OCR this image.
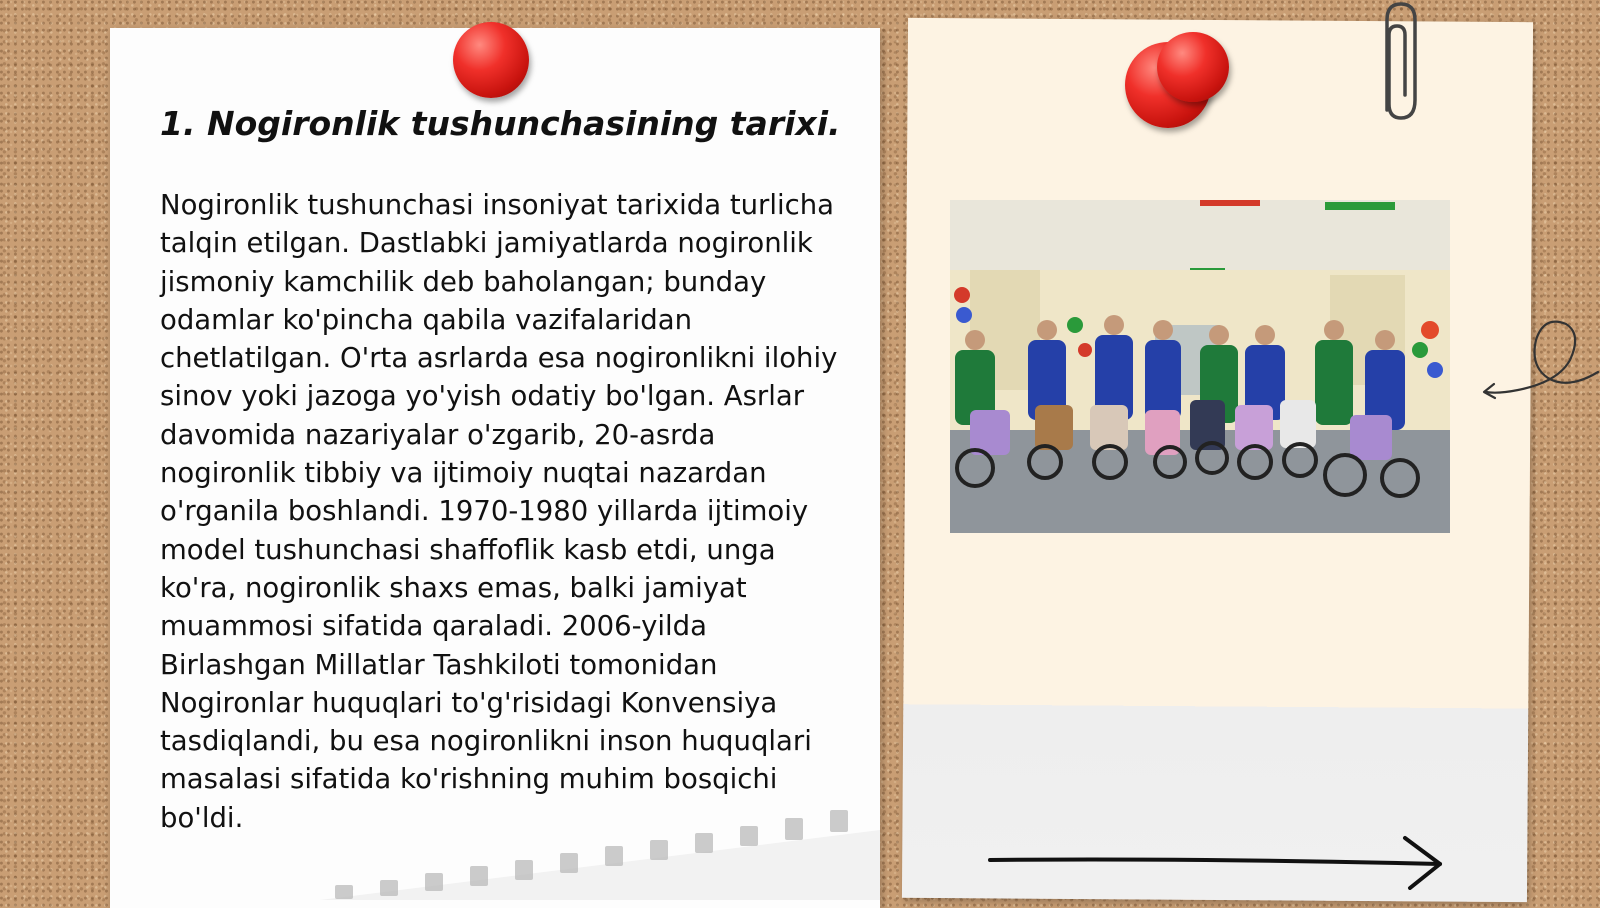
1. Nogironlik tushunchasining tarixi.

Nogironlik tushunchasi insoniyat tarixida turlicha talqin etilgan. Dastlabki jamiyatlarda nogironlik jismoniy kamchilik deb baholangan; bunday odamlar ko'pincha qabila vazifalaridan chetlatilgan. O'rta asrlarda esa nogironlikni ilohiy sinov yoki jazoga yo'yish odatiy bo'lgan. Asrlar davomida nazariyalar o'zgarib, 20-asrda nogironlik tibbiy va ijtimoiy nuqtai nazardan o'rganila boshlandi. 1970-1980 yillarda ijtimoiy model tushunchasi shaffoflik kasb etdi, unga ko'ra, nogironlik shaxs emas, balki jamiyat muammosi sifatida qaraladi. 2006-yilda Birlashgan Millatlar Tashkiloti tomonidan Nogironlar huquqlari to'g'risidagi Konvensiya tasdiqlandi, bu esa nogironlikni inson huquqlari masalasi sifatida ko'rishning muhim bosqichi bo'ldi.
